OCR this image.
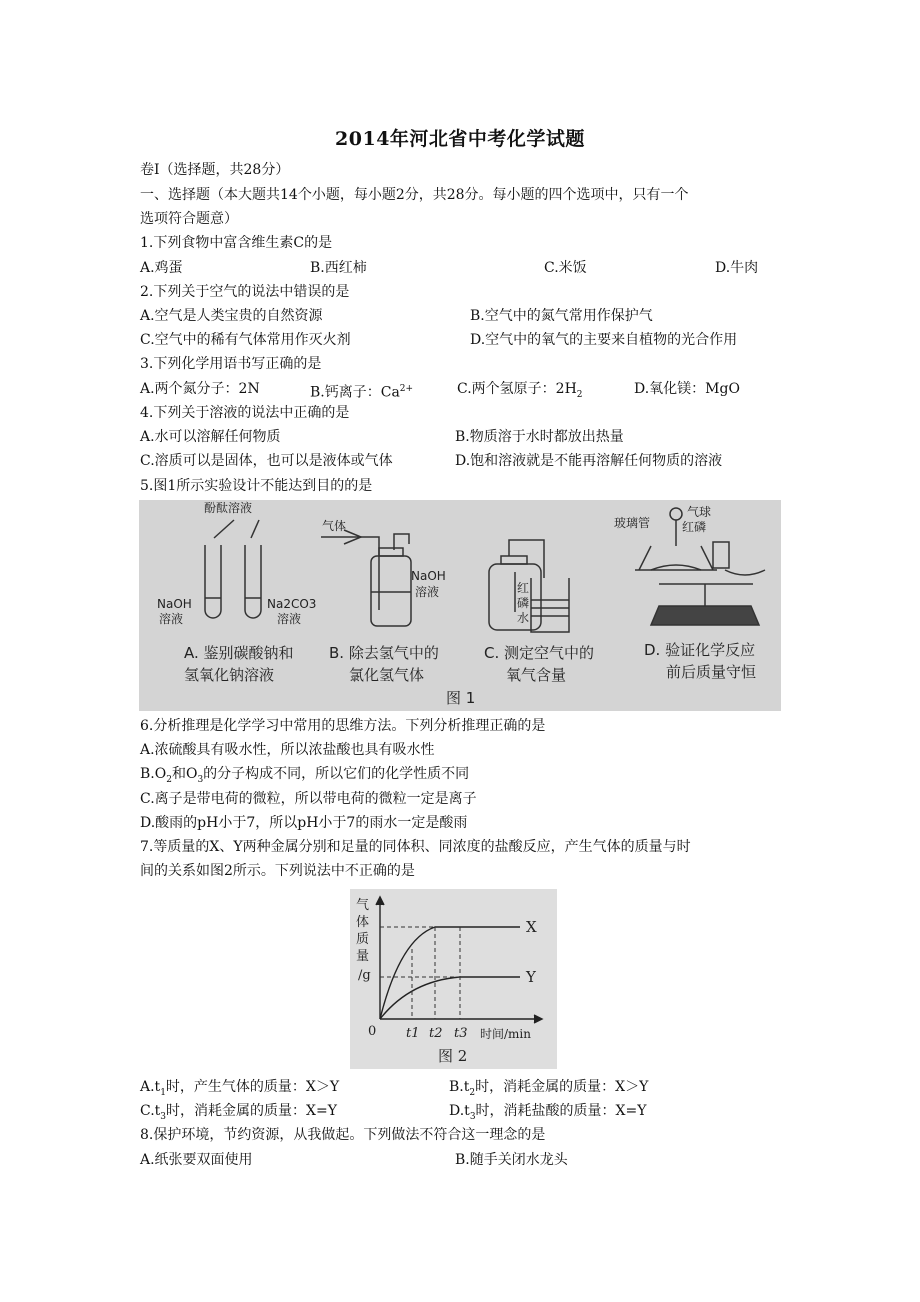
2014年河北省中考化学试题
卷Ⅰ（选择题，共28分）
一、选择题（本大题共14个小题，每小题2分，共28分。每小题的四个选项中，只有一个
选项符合题意）
1.下列食物中富含维生素C的是
A.鸡蛋	B.西红柿	C.米饭	D.牛肉
2.下列关于空气的说法中错误的是
A.空气是人类宝贵的自然资源	B.空气中的氮气常用作保护气
C.空气中的稀有气体常用作灭火剂	D.空气中的氧气的主要来自植物的光合作用
3.下列化学用语书写正确的是
A.两个氮分子：2N	B.钙离子：$Ca^{2+}$	C.两个氢原子：$2H_2$	D.氧化镁：MgO
4.下列关于溶液的说法中正确的是
A.水可以溶解任何物质	B.物质溶于水时都放出热量
C.溶质可以是固体，也可以是液体或气体	D.饱和溶液就是不能再溶解任何物质的溶液
5.图1所示实验设计不能达到目的的是
酚酞溶液
NaOH
溶液
Na2CO3
溶液
气体
NaOH
溶液	红
磷
水
玻璃管
气球
红磷
A. 鉴别碳酸钠和
氢氧化钠溶液
B. 除去氢气中的
氯化氢气体
C. 测定空气中的
氧气含量
D. 验证化学反应
前后质量守恒
图 1
6.分析推理是化学学习中常用的思维方法。下列分析推理正确的是
A.浓硫酸具有吸水性，所以浓盐酸也具有吸水性
$B.O_2$和$O_3$的分子构成不同，所以它们的化学性质不同
C.离子是带电荷的微粒，所以带电荷的微粒一定是离子
D.酸雨的pH小于7，所以pH小于7的雨水一定是酸雨
7.等质量的X、Y两种金属分别和足量的同体积、同浓度的盐酸反应，产生气体的质量与时
间的关系如图2所示。下列说法中不正确的是
气
体
质
量
/g
0 t1 t2 t3 时间/min
X
Y
图 2
$A.t_1$时，产生气体的质量：X＞Y	$B.t_2$时，消耗金属的质量：X＞Y
$C.t_3$时，消耗金属的质量：X=Y	$D.t_3$时，消耗盐酸的质量：X=Y
8.保护环境，节约资源，从我做起。下列做法不符合这一理念的是
A.纸张要双面使用	B.随手关闭水龙头
